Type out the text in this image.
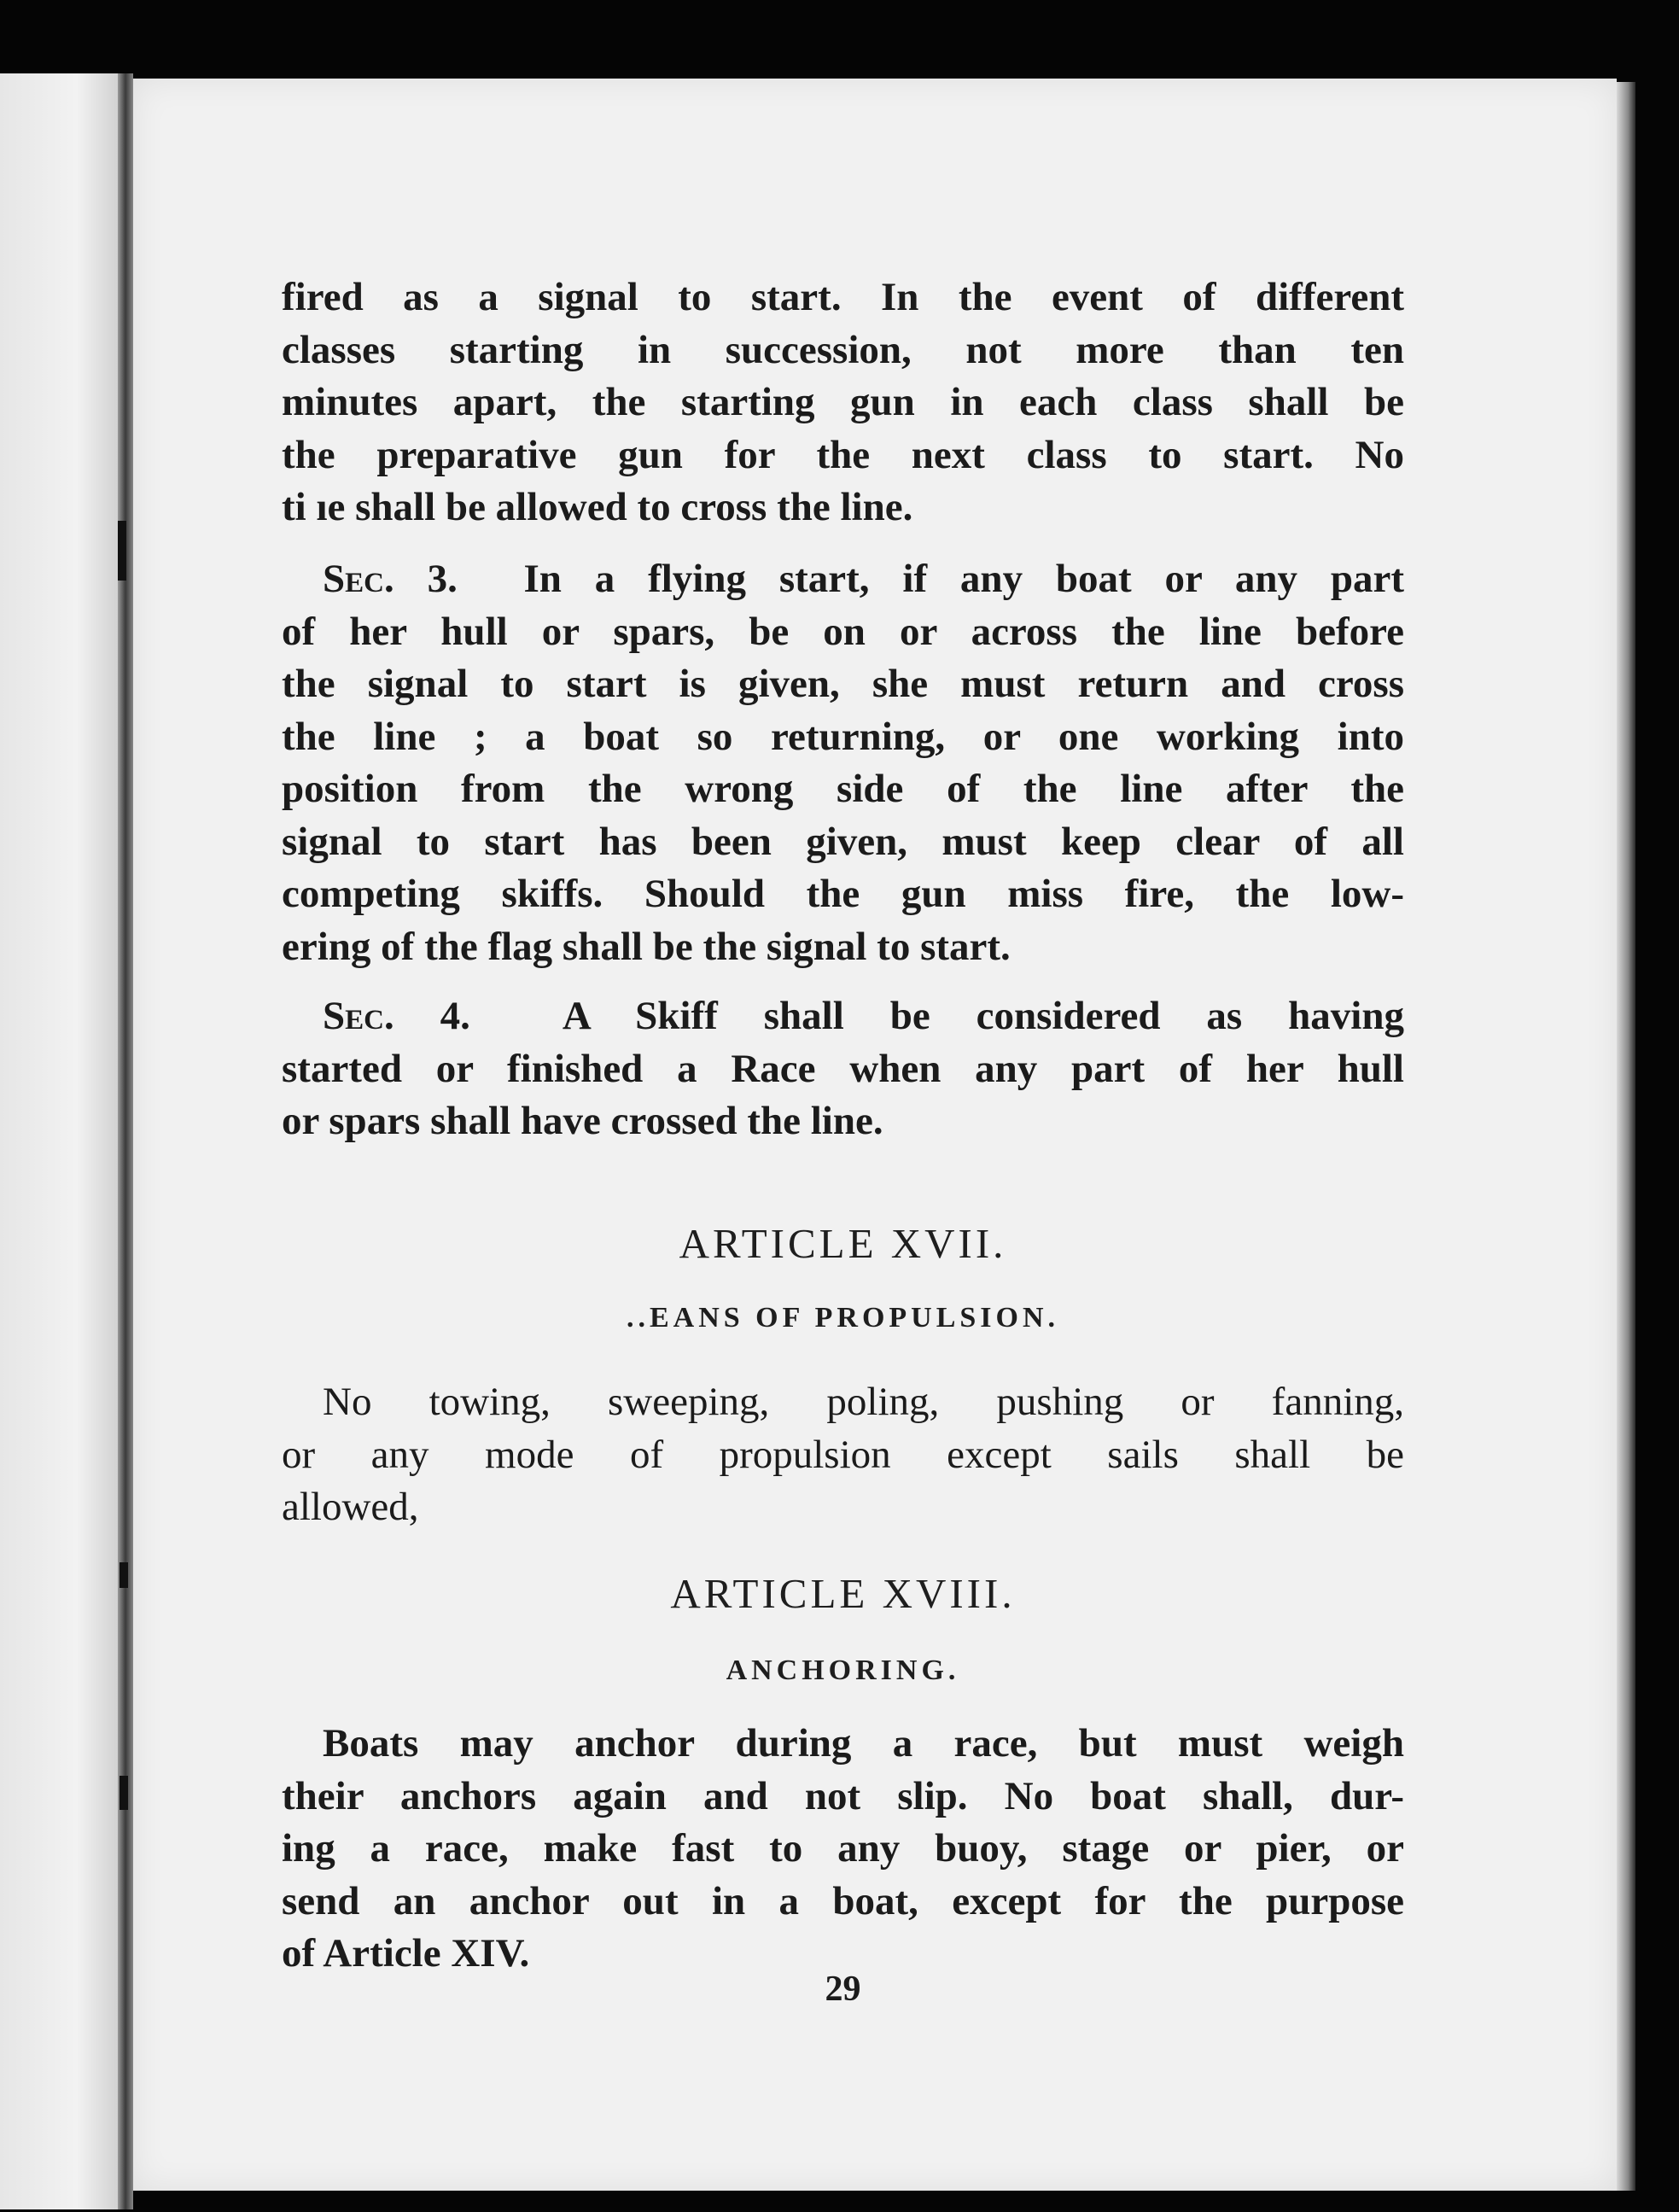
fired as a signal to start. In the event of different

classes starting in succession, not more than ten

minutes apart, the starting gun in each class shall be

the preparative gun for the next class to start. No

ti ıe shall be allowed to cross the line.

Sec. 3. In a flying start, if any boat or any part

of her hull or spars, be on or across the line before

the signal to start is given, she must return and cross

the line ; a boat so returning, or one working into

position from the wrong side of the line after the

signal to start has been given, must keep clear of all

competing skiffs. Should the gun miss fire, the low-

ering of the flag shall be the signal to start.

Sec. 4. A Skiff shall be considered as having

started or finished a Race when any part of her hull

or spars shall have crossed the line.

ARTICLE XVII.
..EANS OF PROPULSION.

No towing, sweeping, poling, pushing or fanning,

or any mode of propulsion except sails shall be

allowed,

ARTICLE XVIII.
ANCHORING.

Boats may anchor during a race, but must weigh

their anchors again and not slip. No boat shall, dur-

ing a race, make fast to any buoy, stage or pier, or

send an anchor out in a boat, except for the purpose

of Article XIV.

29
